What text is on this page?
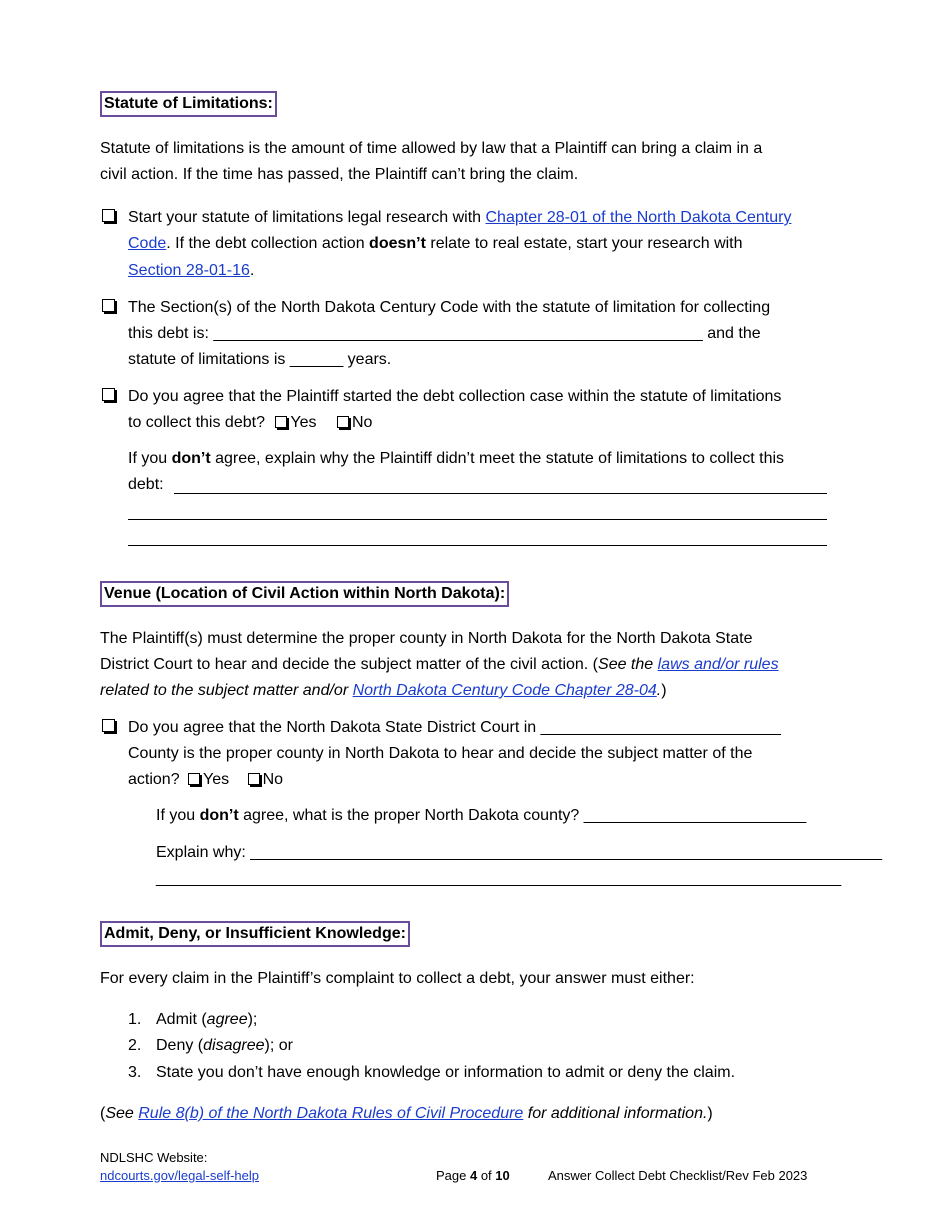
Statute of Limitations:
Statute of limitations is the amount of time allowed by law that a Plaintiff can bring a claim in a
civil action. If the time has passed, the Plaintiff can’t bring the claim.
Start your statute of limitations legal research with Chapter 28-01 of the North Dakota Century
Code. If the debt collection action doesn’t relate to real estate, start your research with
Section 28-01-16.
The Section(s) of the North Dakota Century Code with the statute of limitation for collecting
this debt is: _______________________________________________________ and the
statute of limitations is ______ years.
Do you agree that the Plaintiff started the debt collection case within the statute of limitations
to collect this debt? Yes No
If you don’t agree, explain why the Plaintiff didn’t meet the statute of limitations to collect this
debt:
Venue (Location of Civil Action within North Dakota):
The Plaintiff(s) must determine the proper county in North Dakota for the North Dakota State
District Court to hear and decide the subject matter of the civil action. (See the laws and/or rules
related to the subject matter and/or North Dakota Century Code Chapter 28-04.)
Do you agree that the North Dakota State District Court in ___________________________
County is the proper county in North Dakota to hear and decide the subject matter of the
action? Yes No
If you don’t agree, what is the proper North Dakota county? _________________________
Explain why: _______________________________________________________________________
_____________________________________________________________________________
Admit, Deny, or Insufficient Knowledge:
For every claim in the Plaintiff’s complaint to collect a debt, your answer must either:
1. Admit (agree);
2. Deny (disagree); or
3. State you don’t have enough knowledge or information to admit or deny the claim.
(See Rule 8(b) of the North Dakota Rules of Civil Procedure for additional information.)
NDLSHC Website:
ndcourts.gov/legal-self-help	Page 4 of 10	Answer Collect Debt Checklist/Rev Feb 2023
